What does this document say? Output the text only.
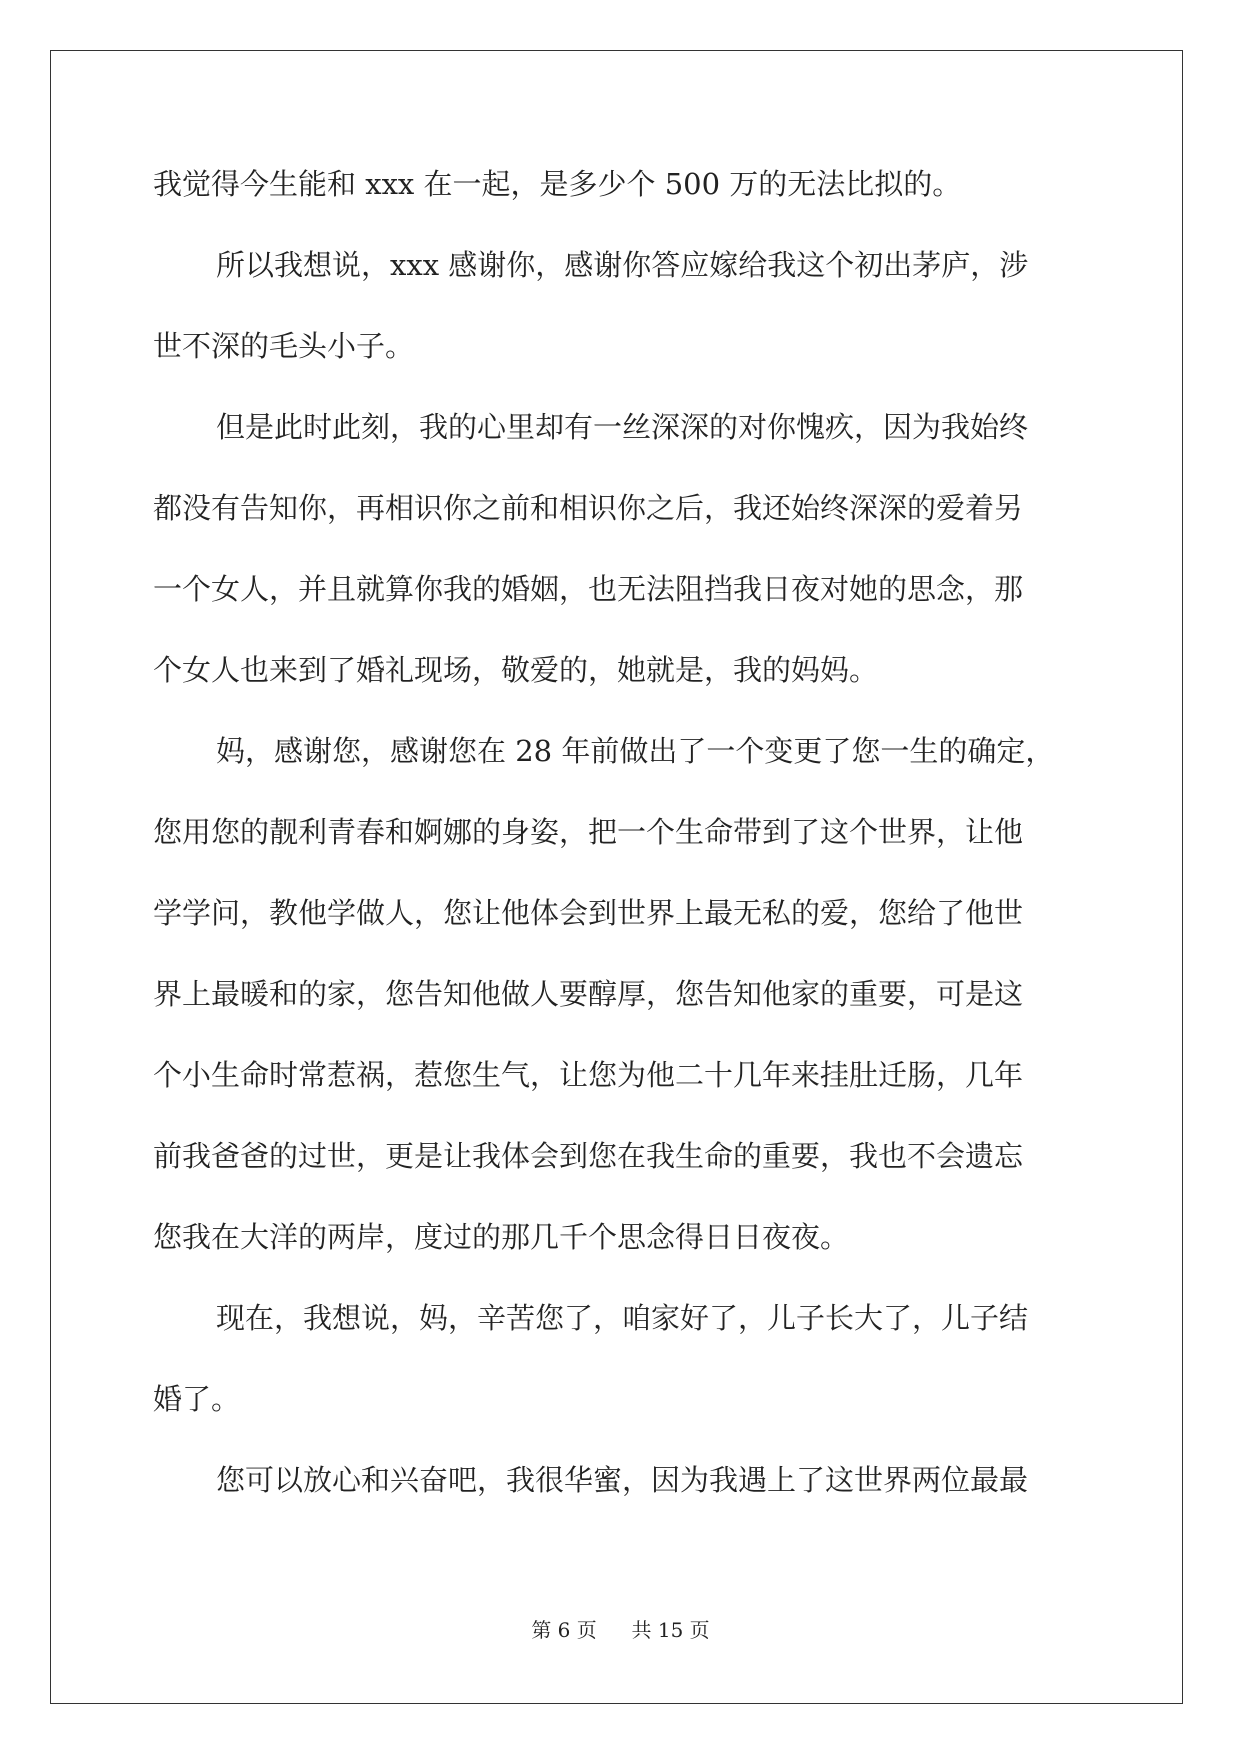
我觉得今生能和 xxx 在一起，是多少个 500 万的无法比拟的。
所以我想说，xxx 感谢你，感谢你答应嫁给我这个初出茅庐，涉
世不深的毛头小子。
但是此时此刻，我的心里却有一丝深深的对你愧疚，因为我始终
都没有告知你，再相识你之前和相识你之后，我还始终深深的爱着另
一个女人，并且就算你我的婚姻，也无法阻挡我日夜对她的思念，那
个女人也来到了婚礼现场，敬爱的，她就是，我的妈妈。
妈，感谢您，感谢您在 28 年前做出了一个变更了您一生的确定，
您用您的靓利青春和婀娜的身姿，把一个生命带到了这个世界，让他
学学问，教他学做人，您让他体会到世界上最无私的爱，您给了他世
界上最暖和的家，您告知他做人要醇厚，您告知他家的重要，可是这
个小生命时常惹祸，惹您生气，让您为他二十几年来挂肚迁肠，几年
前我爸爸的过世，更是让我体会到您在我生命的重要，我也不会遗忘
您我在大洋的两岸，度过的那几千个思念得日日夜夜。
现在，我想说，妈，辛苦您了，咱家好了，儿子长大了，儿子结
婚了。
您可以放心和兴奋吧，我很华蜜，因为我遇上了这世界两位最最
第 6 页 共 15 页
